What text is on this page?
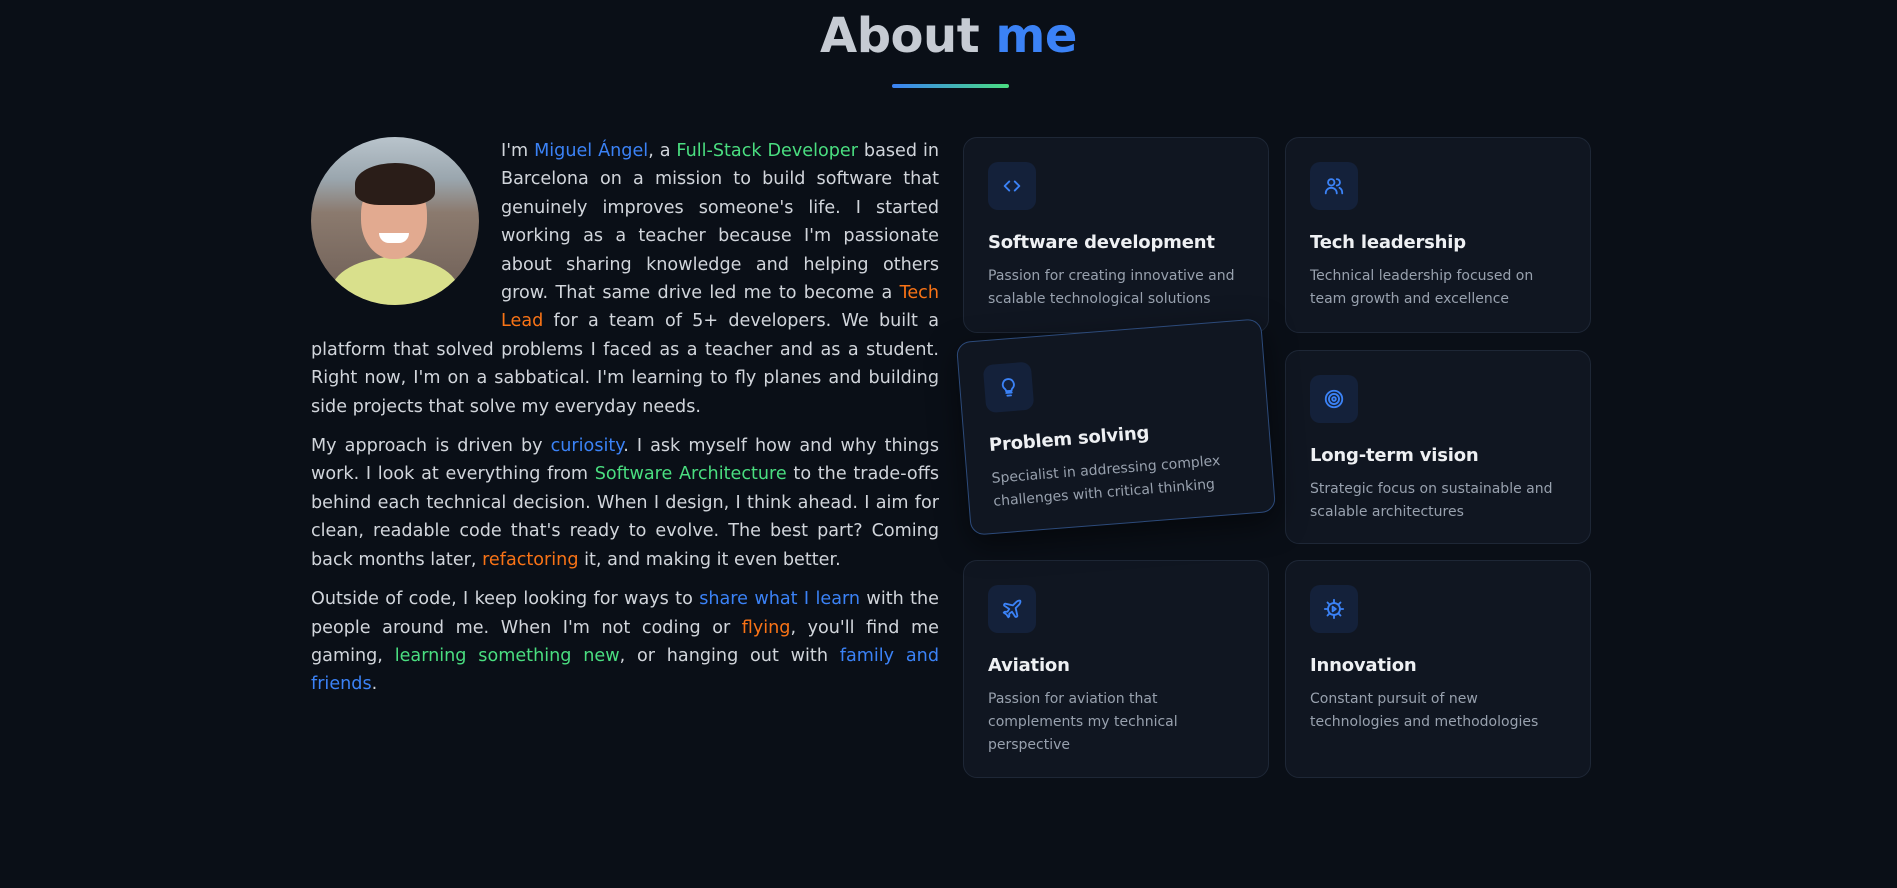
About me

I'm Miguel Ángel, a Full-Stack Developer based in Barcelona on a mission to build software that genuinely improves someone's life. I started working as a teacher because I'm passionate about sharing knowledge and helping others grow. That same drive led me to become a Tech Lead for a team of 5+ developers. We built a platform that solved problems I faced as a teacher and as a student. Right now, I'm on a sabbatical. I'm learning to fly planes and building side projects that solve my everyday needs.

My approach is driven by curiosity. I ask myself how and why things work. I look at everything from Software Architecture to the trade-offs behind each technical decision. When I design, I think ahead. I aim for clean, readable code that's ready to evolve. The best part? Coming back months later, refactoring it, and making it even better.

Outside of code, I keep looking for ways to share what I learn with the people around me. When I'm not coding or flying, you'll find me gaming, learning something new, or hanging out with family and friends.

Software development

Passion for creating innovative and scalable technological solutions

Tech leadership

Technical leadership focused on team growth and excellence

Problem solving

Specialist in addressing complex challenges with critical thinking

Long-term vision

Strategic focus on sustainable and scalable architectures

Aviation

Passion for aviation that complements my technical perspective

Innovation

Constant pursuit of new technologies and methodologies
